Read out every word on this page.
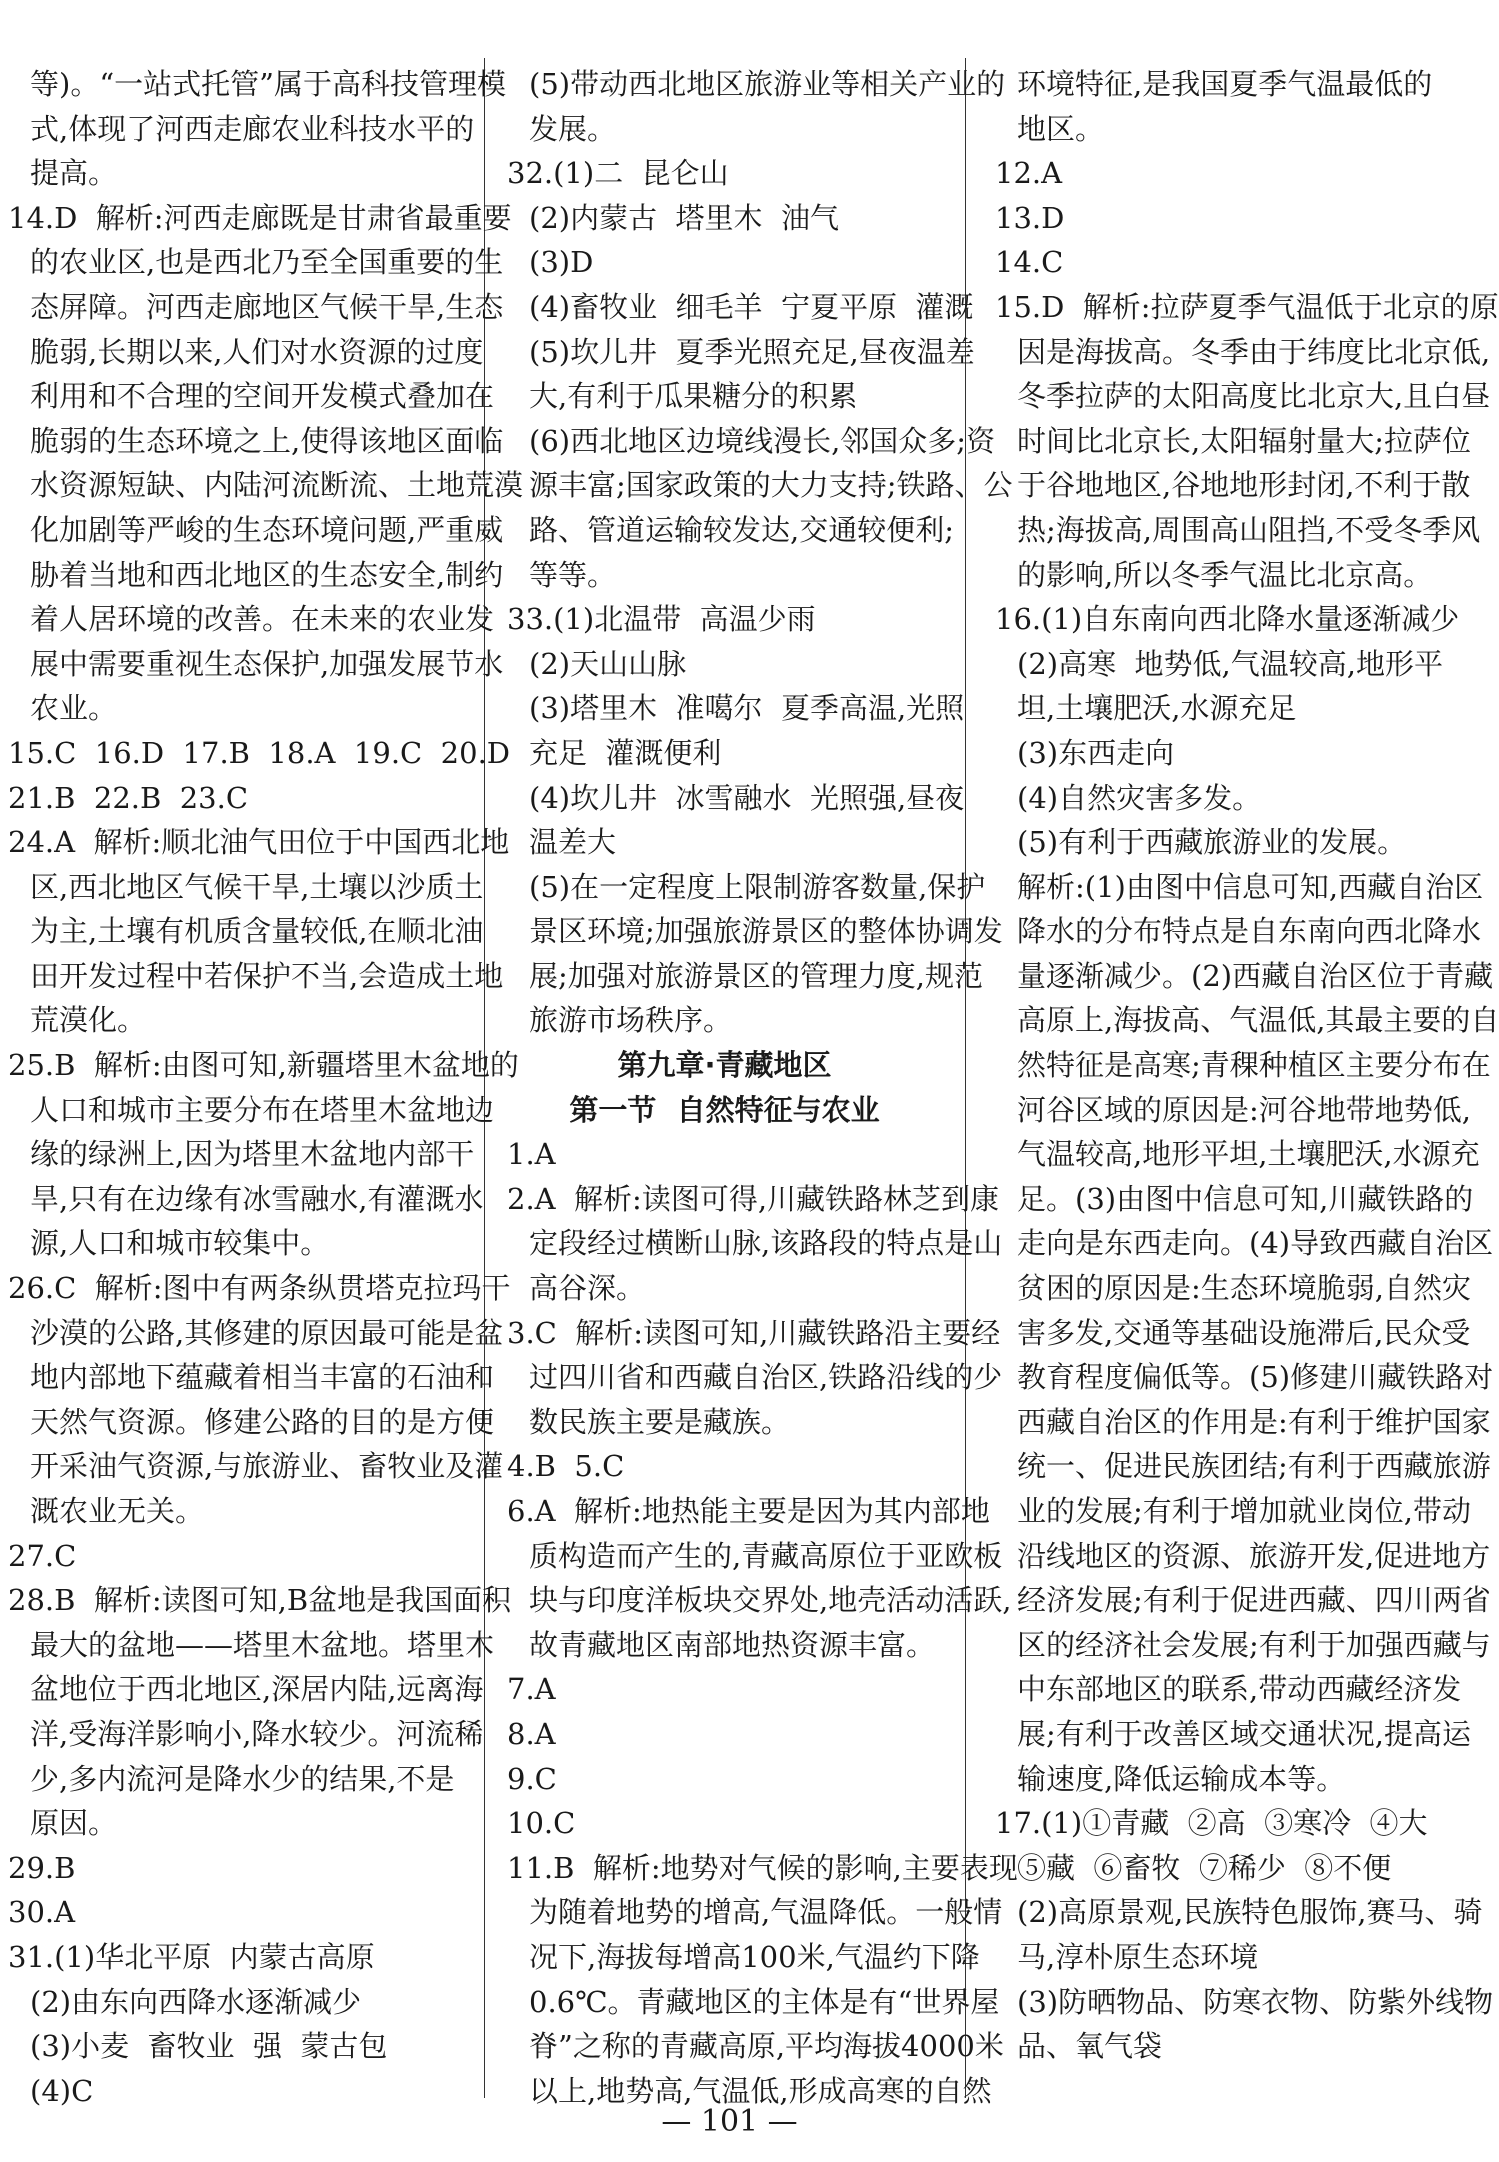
等)。“一站式托管”属于高科技管理模
式,体现了河西走廊农业科技水平的
提高。
14.D  解析:河西走廊既是甘肃省最重要
的农业区,也是西北乃至全国重要的生
态屏障。河西走廊地区气候干旱,生态
脆弱,长期以来,人们对水资源的过度
利用和不合理的空间开发模式叠加在
脆弱的生态环境之上,使得该地区面临
水资源短缺、内陆河流断流、土地荒漠
化加剧等严峻的生态环境问题,严重威
胁着当地和西北地区的生态安全,制约
着人居环境的改善。在未来的农业发
展中需要重视生态保护,加强发展节水
农业。
15.C  16.D  17.B  18.A  19.C  20.D
21.B  22.B  23.C
24.A  解析:顺北油气田位于中国西北地
区,西北地区气候干旱,土壤以沙质土
为主,土壤有机质含量较低,在顺北油
田开发过程中若保护不当,会造成土地
荒漠化。
25.B  解析:由图可知,新疆塔里木盆地的
人口和城市主要分布在塔里木盆地边
缘的绿洲上,因为塔里木盆地内部干
旱,只有在边缘有冰雪融水,有灌溉水
源,人口和城市较集中。
26.C  解析:图中有两条纵贯塔克拉玛干
沙漠的公路,其修建的原因最可能是盆
地内部地下蕴藏着相当丰富的石油和
天然气资源。修建公路的目的是方便
开采油气资源,与旅游业、畜牧业及灌
溉农业无关。
27.C
28.B  解析:读图可知,B盆地是我国面积
最大的盆地——塔里木盆地。塔里木
盆地位于西北地区,深居内陆,远离海
洋,受海洋影响小,降水较少。河流稀
少,多内流河是降水少的结果,不是
原因。
29.B
30.A
31.(1)华北平原  内蒙古高原
(2)由东向西降水逐渐减少
(3)小麦  畜牧业  强  蒙古包
(4)C
(5)带动西北地区旅游业等相关产业的
发展。
32.(1)二  昆仑山
(2)内蒙古  塔里木  油气
(3)D
(4)畜牧业  细毛羊  宁夏平原  灌溉
(5)坎儿井  夏季光照充足,昼夜温差
大,有利于瓜果糖分的积累
(6)西北地区边境线漫长,邻国众多;资
源丰富;国家政策的大力支持;铁路、公
路、管道运输较发达,交通较便利;
等等。
33.(1)北温带  高温少雨
(2)天山山脉
(3)塔里木  准噶尔  夏季高温,光照
充足  灌溉便利
(4)坎儿井  冰雪融水  光照强,昼夜
温差大
(5)在一定程度上限制游客数量,保护
景区环境;加强旅游景区的整体协调发
展;加强对旅游景区的管理力度,规范
旅游市场秩序。
第九章·青藏地区
第一节  自然特征与农业
1.A
2.A  解析:读图可得,川藏铁路林芝到康
定段经过横断山脉,该路段的特点是山
高谷深。
3.C  解析:读图可知,川藏铁路沿主要经
过四川省和西藏自治区,铁路沿线的少
数民族主要是藏族。
4.B  5.C
6.A  解析:地热能主要是因为其内部地
质构造而产生的,青藏高原位于亚欧板
块与印度洋板块交界处,地壳活动活跃,
故青藏地区南部地热资源丰富。
7.A
8.A
9.C
10.C
11.B  解析:地势对气候的影响,主要表现
为随着地势的增高,气温降低。一般情
况下,海拔每增高100米,气温约下降
0.6℃。青藏地区的主体是有“世界屋
脊”之称的青藏高原,平均海拔4000米
以上,地势高,气温低,形成高寒的自然
环境特征,是我国夏季气温最低的
地区。
12.A
13.D
14.C
15.D  解析:拉萨夏季气温低于北京的原
因是海拔高。冬季由于纬度比北京低,
冬季拉萨的太阳高度比北京大,且白昼
时间比北京长,太阳辐射量大;拉萨位
于谷地地区,谷地地形封闭,不利于散
热;海拔高,周围高山阻挡,不受冬季风
的影响,所以冬季气温比北京高。
16.(1)自东南向西北降水量逐渐减少
(2)高寒  地势低,气温较高,地形平
坦,土壤肥沃,水源充足
(3)东西走向
(4)自然灾害多发。
(5)有利于西藏旅游业的发展。
解析:(1)由图中信息可知,西藏自治区
降水的分布特点是自东南向西北降水
量逐渐减少。(2)西藏自治区位于青藏
高原上,海拔高、气温低,其最主要的自
然特征是高寒;青稞种植区主要分布在
河谷区域的原因是:河谷地带地势低,
气温较高,地形平坦,土壤肥沃,水源充
足。(3)由图中信息可知,川藏铁路的
走向是东西走向。(4)导致西藏自治区
贫困的原因是:生态环境脆弱,自然灾
害多发,交通等基础设施滞后,民众受
教育程度偏低等。(5)修建川藏铁路对
西藏自治区的作用是:有利于维护国家
统一、促进民族团结;有利于西藏旅游
业的发展;有利于增加就业岗位,带动
沿线地区的资源、旅游开发,促进地方
经济发展;有利于促进西藏、四川两省
区的经济社会发展;有利于加强西藏与
中东部地区的联系,带动西藏经济发
展;有利于改善区域交通状况,提高运
输速度,降低运输成本等。
17.(1)①青藏  ②高  ③寒冷  ④大
⑤藏  ⑥畜牧  ⑦稀少  ⑧不便
(2)高原景观,民族特色服饰,赛马、骑
马,淳朴原生态环境
(3)防晒物品、防寒衣物、防紫外线物
品、氧气袋
— 101 —
